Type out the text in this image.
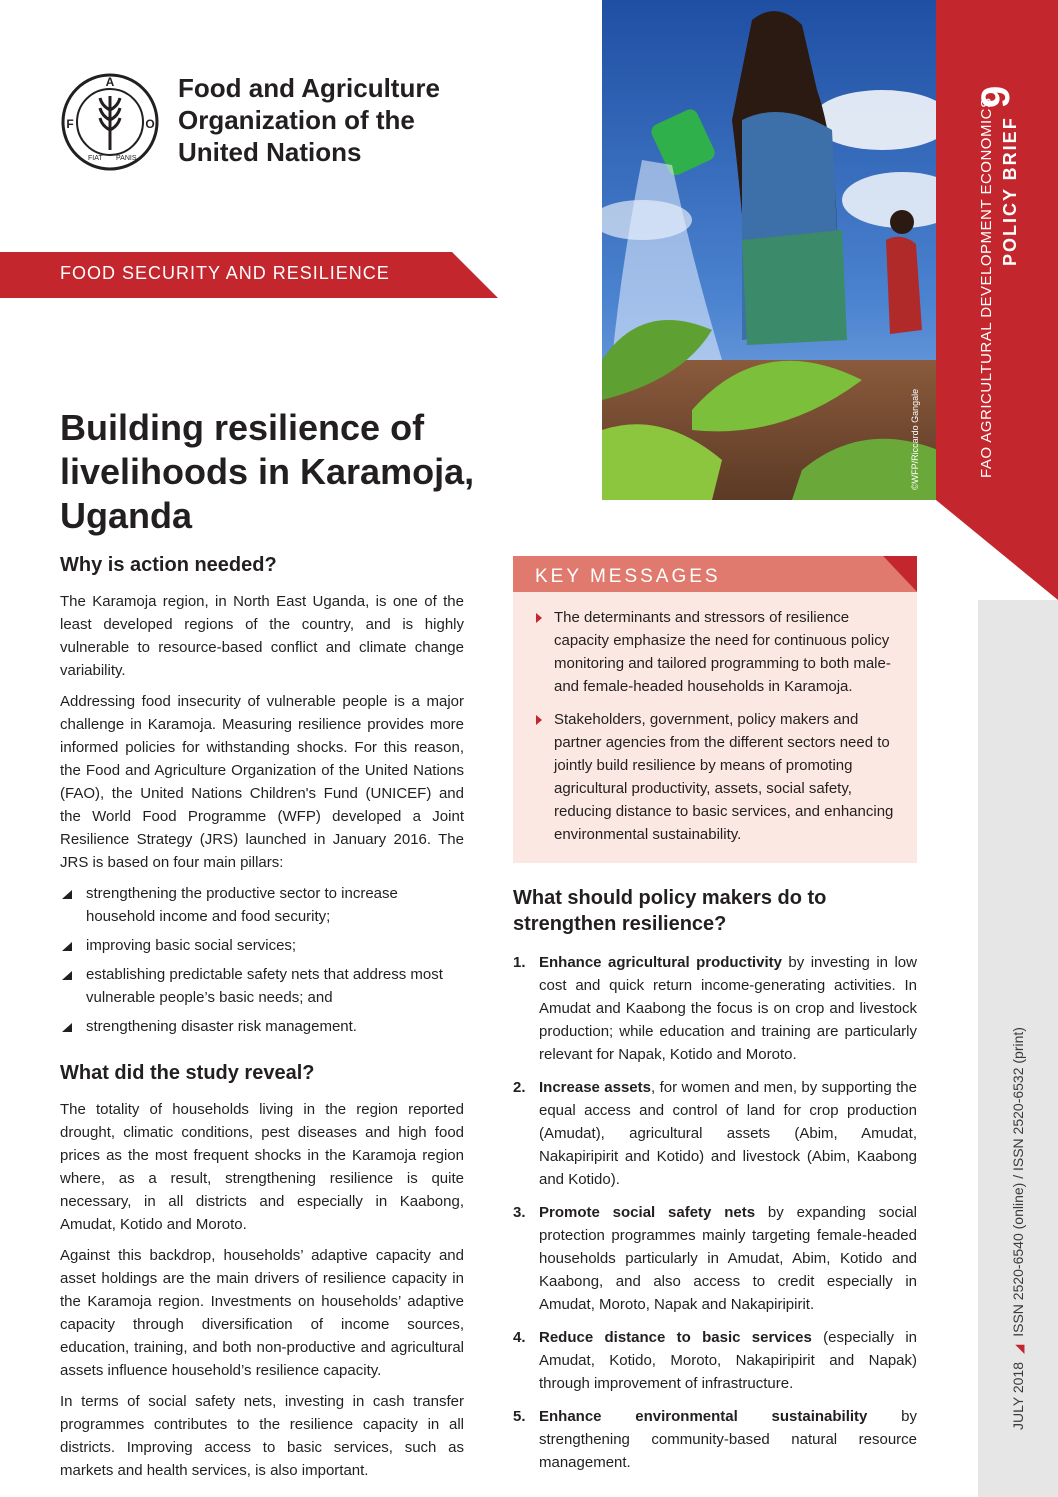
A
F	O
FIAT PANIS
Food and Agriculture
Organization of the
United Nations
FOOD SECURITY AND RESILIENCE
©WFP/Riccardo Gangale
9
POLICY BRIEF
FAO AGRICULTURAL DEVELOPMENT ECONOMICS
JULY 2018◢ISSN 2520-6540 (online) / ISSN 2520-6532 (print)
Building resilience of
livelihoods in Karamoja, Uganda
Why is action needed?

The Karamoja region, in North East Uganda, is one of the least developed regions of the country, and is highly vulnerable to resource-based conflict and climate change variability.

Addressing food insecurity of vulnerable people is a major challenge in Karamoja. Measuring resilience provides more informed policies for withstanding shocks. For this reason, the Food and Agriculture Organization of the United Nations (FAO), the United Nations Children's Fund (UNICEF) and the World Food Programme (WFP) developed a Joint Resilience Strategy (JRS) launched in January 2016. The JRS is based on four main pillars:

strengthening the productive sector to increase household income and food security;
improving basic social services;
establishing predictable safety nets that address most vulnerable people’s basic needs; and
strengthening disaster risk management.
What did the study reveal?

The totality of households living in the region reported drought, climatic conditions, pest diseases and high food prices as the most frequent shocks in the Karamoja region where, as a result, strengthening resilience is quite necessary, in all districts and especially in Kaabong, Amudat, Kotido and Moroto.

Against this backdrop, households’ adaptive capacity and asset holdings are the main drivers of resilience capacity in the Karamoja region. Investments on households’ adaptive capacity through diversification of income sources, education, training, and both non-productive and agricultural assets influence household’s resilience capacity.

In terms of social safety nets, investing in cash transfer programmes contributes to the resilience capacity in all districts. Improving access to basic services, such as markets and health services, is also important.

KEY MESSAGES
The determinants and stressors of resilience capacity emphasize the need for continuous policy monitoring and tailored programming to both male- and female-headed households in Karamoja.
Stakeholders, government, policy makers and partner agencies from the different sectors need to jointly build resilience by means of promoting agricultural productivity, assets, social safety, reducing distance to basic services, and enhancing environmental sustainability.
What should policy makers do to
strengthen resilience?
1. Enhance agricultural productivity by investing in low cost and quick return income-generating activities. In Amudat and Kaabong the focus is on crop and livestock production; while education and training are particularly relevant for Napak, Kotido and Moroto.
2. Increase assets, for women and men, by supporting the equal access and control of land for crop production (Amudat), agricultural assets (Abim, Amudat, Nakapiripirit and Kotido) and livestock (Abim, Kaabong and Kotido).
3. Promote social safety nets by expanding social protection programmes mainly targeting female-headed households particularly in Amudat, Abim, Kotido and Kaabong, and also access to credit especially in Amudat, Moroto, Napak and Nakapiripirit.
4. Reduce distance to basic services (especially in Amudat, Kotido, Moroto, Nakapiripirit and Napak) through improvement of infrastructure.
5. Enhance environmental sustainability by strengthening community-based natural resource management.
